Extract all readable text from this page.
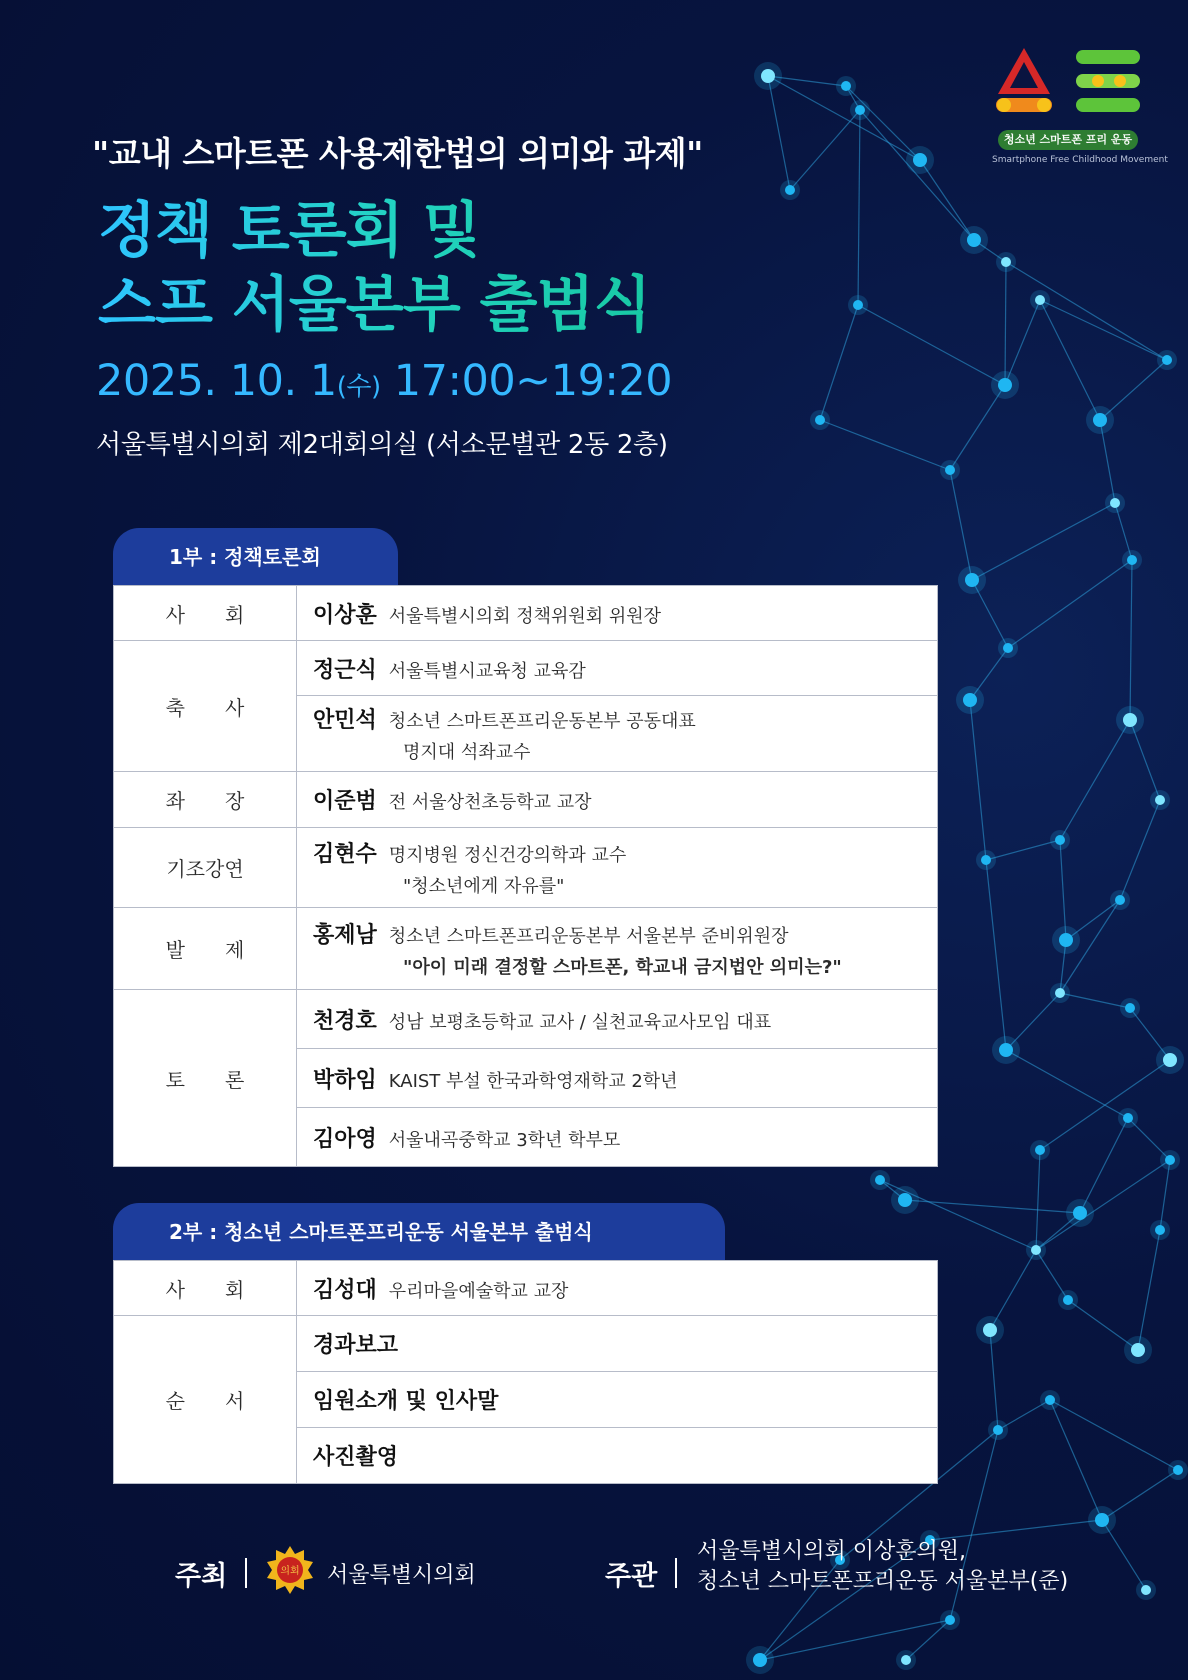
청소년 스마트폰 프리 운동
Smartphone Free Childhood Movement
"교내 스마트폰 사용제한법의 의미와 과제"
정책 토론회 및
스프 서울본부 출범식
2025. 10. 1(수) 17:00~19:20
서울특별시의회 제2대회의실 (서소문별관 2동 2층)
1부 : 정책토론회
사회	이상훈 서울특별시의회 정책위원회 위원장
축사	정근식 서울특별시교육청 교육감
	안민석 청소년 스마트폰프리운동본부 공동대표
명지대 석좌교수

좌장	이준범 전 서울상천초등학교 교장
기조강연	김현수 명지병원 정신건강의학과 교수
"청소년에게 자유를"

발제	홍제남 청소년 스마트폰프리운동본부 서울본부 준비위원장
"아이 미래 결정할 스마트폰, 학교내 금지법안 의미는?"

토론	천경호 성남 보평초등학교 교사 / 실천교육교사모임 대표
	박하임 KAIST 부설 한국과학영재학교 2학년
	김아영 서울내곡중학교 3학년 학부모
2부 : 청소년 스마트폰프리운동 서울본부 출범식
사회	김성대 우리마을예술학교 교장
순서	경과보고
	임원소개 및 인사말
	사진촬영
주최	의회 서울특별시의회	주관
서울특별시의회 이상훈의원,
청소년 스마트폰프리운동 서울본부(준)
